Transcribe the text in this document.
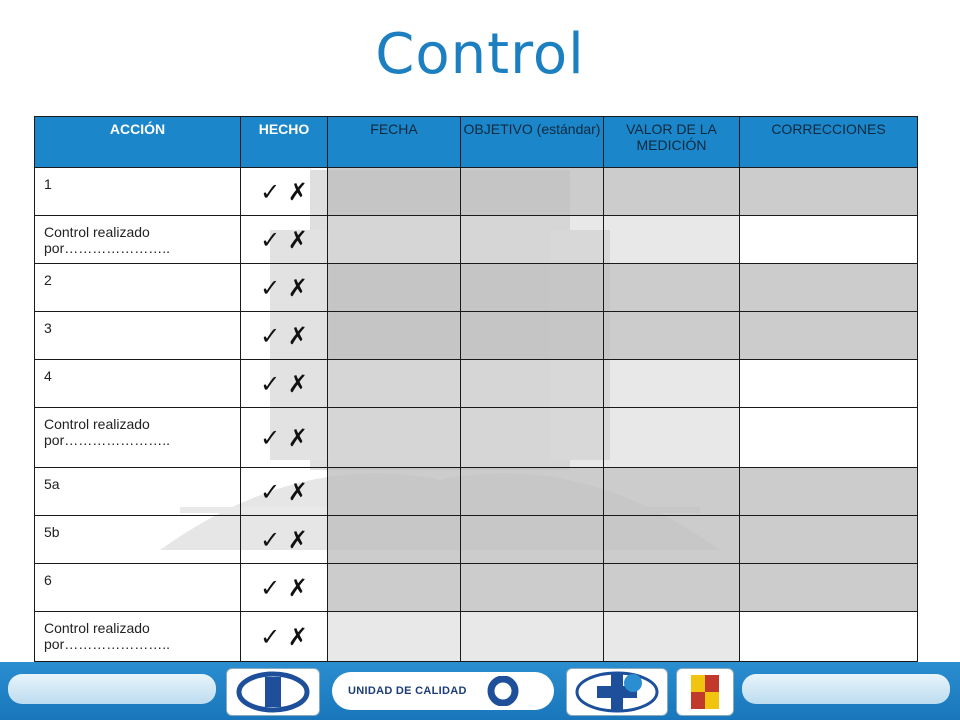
Control
ACCIÓN	HECHO	FECHA	OBJETIVO (estándar)	VALOR DE LA MEDICIÓN	CORRECCIONES
1	✓ ✗				
Control realizado por…………………..	✓ ✗				
2	✓ ✗				
3	✓ ✗				
4	✓ ✗				
Control realizado por…………………..	✓ ✗				
5a	✓ ✗				
5b	✓ ✗				
6	✓ ✗				
Control realizado por…………………..	✓ ✗				
UNIDAD DE CALIDAD
